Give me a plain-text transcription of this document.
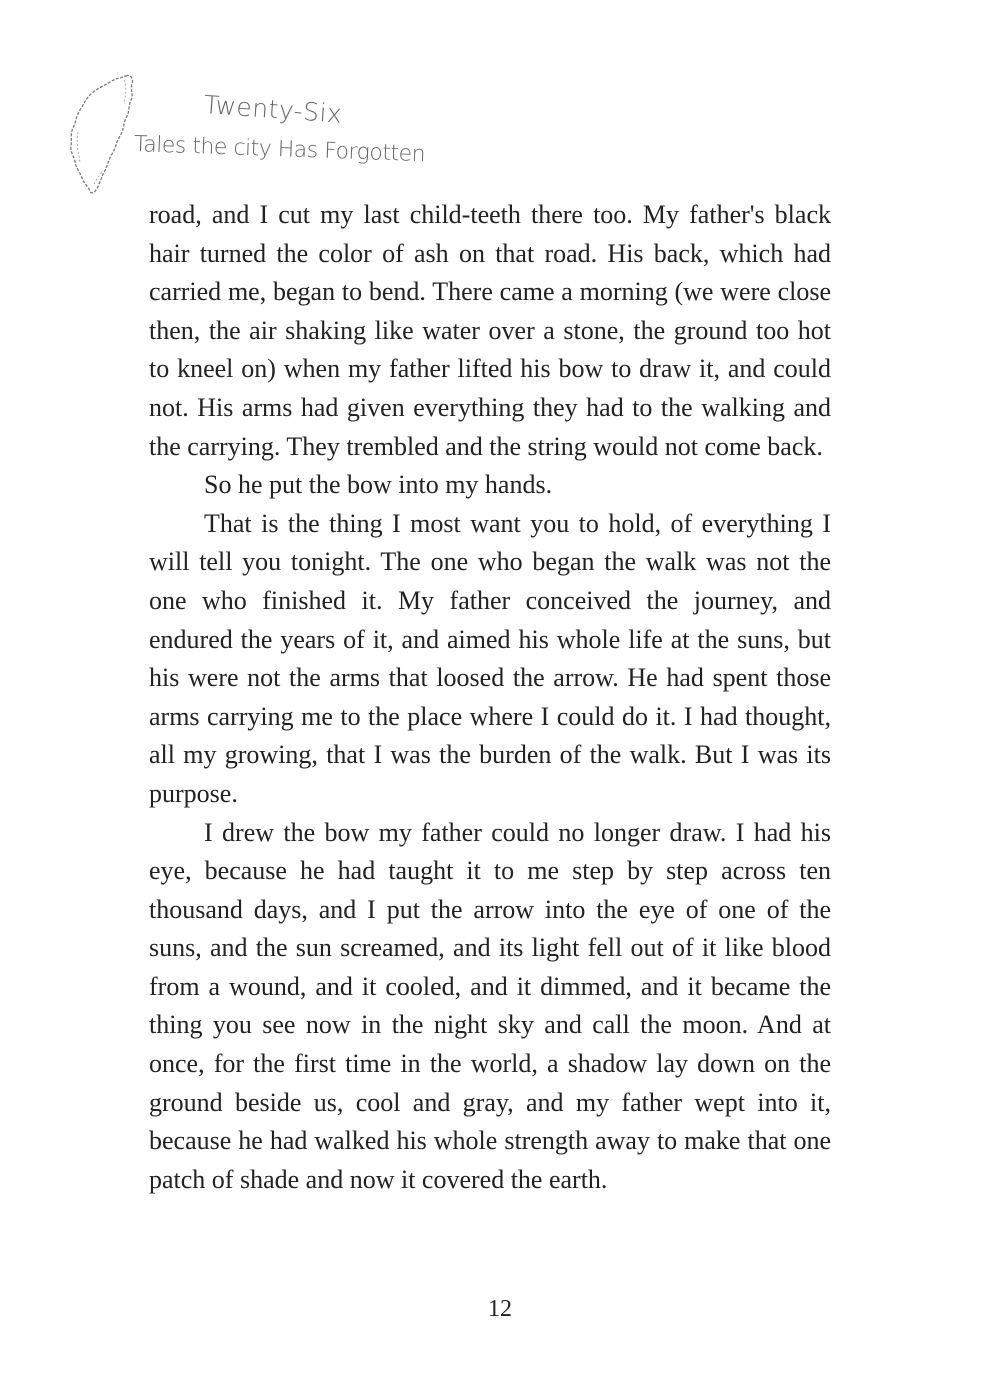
Twenty-Six
Tales the city Has Forgotten

road, and I cut my last child-teeth there too. My father's black hair turned the color of ash on that road. His back, which had carried me, began to bend. There came a morning (we were close then, the air shaking like water over a stone, the ground too hot to kneel on) when my father lifted his bow to draw it, and could not. His arms had given everything they had to the walking and the carrying. They trembled and the string would not come back.

So he put the bow into my hands.

That is the thing I most want you to hold, of everything I will tell you tonight. The one who began the walk was not the one who finished it. My father conceived the journey, and endured the years of it, and aimed his whole life at the suns, but his were not the arms that loosed the arrow. He had spent those arms carrying me to the place where I could do it. I had thought, all my growing, that I was the burden of the walk. But I was its purpose.

I drew the bow my father could no longer draw. I had his eye, because he had taught it to me step by step across ten thousand days, and I put the arrow into the eye of one of the suns, and the sun screamed, and its light fell out of it like blood from a wound, and it cooled, and it dimmed, and it became the thing you see now in the night sky and call the moon. And at once, for the first time in the world, a shadow lay down on the ground beside us, cool and gray, and my father wept into it, because he had walked his whole strength away to make that one patch of shade and now it covered the earth.

12
